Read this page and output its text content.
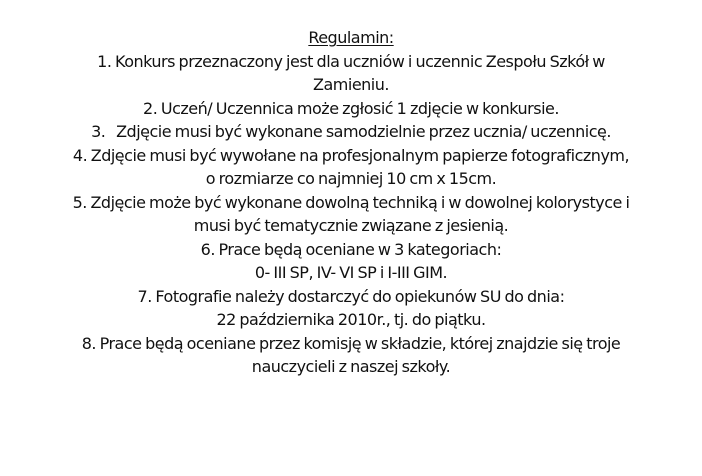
Regulamin:
1. Konkurs przeznaczony jest dla uczniów i uczennic Zespołu Szkół w
Zamieniu.
2. Uczeń/ Uczennica może zgłosić 1 zdjęcie w konkursie.
3.   Zdjęcie musi być wykonane samodzielnie przez ucznia/ uczennicę.
4. Zdjęcie musi być wywołane na profesjonalnym papierze fotograficznym,
o rozmiarze co najmniej 10 cm x 15cm.
5. Zdjęcie może być wykonane dowolną techniką i w dowolnej kolorystyce i
musi być tematycznie związane z jesienią.
6. Prace będą oceniane w 3 kategoriach:
0- III SP, IV- VI SP i I-III GIM.
7. Fotografie należy dostarczyć do opiekunów SU do dnia:
22 października 2010r., tj. do piątku.
8. Prace będą oceniane przez komisję w składzie, której znajdzie się troje
nauczycieli z naszej szkoły.
